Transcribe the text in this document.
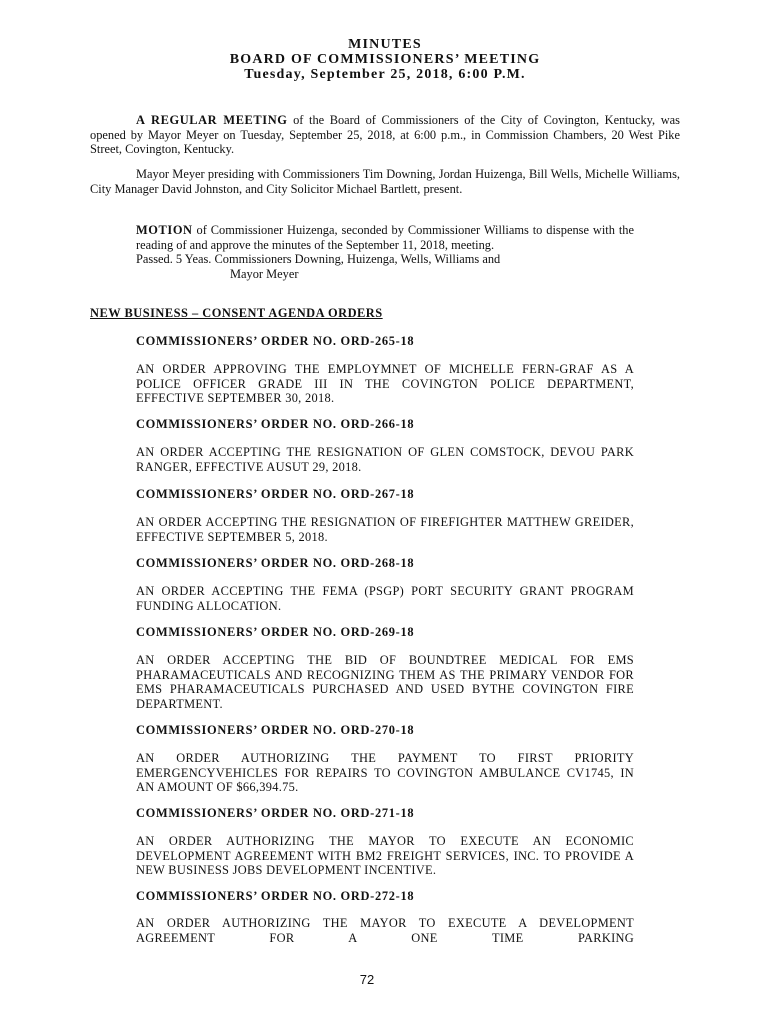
MINUTES
BOARD OF COMMISSIONERS’ MEETING
Tuesday, September 25, 2018, 6:00 P.M.

A REGULAR MEETING of the Board of Commissioners of the City of Covington, Kentucky, was opened by Mayor Meyer on Tuesday, September 25, 2018, at 6:00 p.m., in Commission Chambers, 20 West Pike Street, Covington, Kentucky.

Mayor Meyer presiding with Commissioners Tim Downing, Jordan Huizenga, Bill Wells, Michelle Williams, City Manager David Johnston, and City Solicitor Michael Bartlett, present.

MOTION of Commissioner Huizenga, seconded by Commissioner Williams to dispense with the reading of and approve the minutes of the September 11, 2018, meeting.
Passed. 5 Yeas. Commissioners Downing, Huizenga, Wells, Williams and
Mayor Meyer

NEW BUSINESS – CONSENT AGENDA ORDERS

COMMISSIONERS’ ORDER NO. ORD-265-18

AN ORDER APPROVING THE EMPLOYMNET OF MICHELLE FERN-GRAF AS A POLICE OFFICER GRADE III IN THE COVINGTON POLICE DEPARTMENT, EFFECTIVE SEPTEMBER 30, 2018.

COMMISSIONERS’ ORDER NO. ORD-266-18

AN ORDER ACCEPTING THE RESIGNATION OF GLEN COMSTOCK, DEVOU PARK RANGER, EFFECTIVE AUSUT 29, 2018.

COMMISSIONERS’ ORDER NO. ORD-267-18

AN ORDER ACCEPTING THE RESIGNATION OF FIREFIGHTER MATTHEW GREIDER, EFFECTIVE SEPTEMBER 5, 2018.

COMMISSIONERS’ ORDER NO. ORD-268-18

AN ORDER ACCEPTING THE FEMA (PSGP) PORT SECURITY GRANT PROGRAM FUNDING ALLOCATION.

COMMISSIONERS’ ORDER NO. ORD-269-18

AN ORDER ACCEPTING THE BID OF BOUNDTREE MEDICAL FOR EMS PHARAMACEUTICALS AND RECOGNIZING THEM AS THE PRIMARY VENDOR FOR EMS PHARAMACEUTICALS PURCHASED AND USED BYTHE COVINGTON FIRE DEPARTMENT.

COMMISSIONERS’ ORDER NO. ORD-270-18

AN ORDER AUTHORIZING THE PAYMENT TO FIRST PRIORITY EMERGENCYVEHICLES FOR REPAIRS TO COVINGTON AMBULANCE CV1745, IN AN AMOUNT OF $66,394.75.

COMMISSIONERS’ ORDER NO. ORD-271-18

AN ORDER AUTHORIZING THE MAYOR TO EXECUTE AN ECONOMIC DEVELOPMENT AGREEMENT WITH BM2 FREIGHT SERVICES, INC. TO PROVIDE A NEW BUSINESS JOBS DEVELOPMENT INCENTIVE.

COMMISSIONERS’ ORDER NO. ORD-272-18

AN ORDER AUTHORIZING THE MAYOR TO EXECUTE A DEVELOPMENT AGREEMENT FOR A ONE TIME PARKING

72
